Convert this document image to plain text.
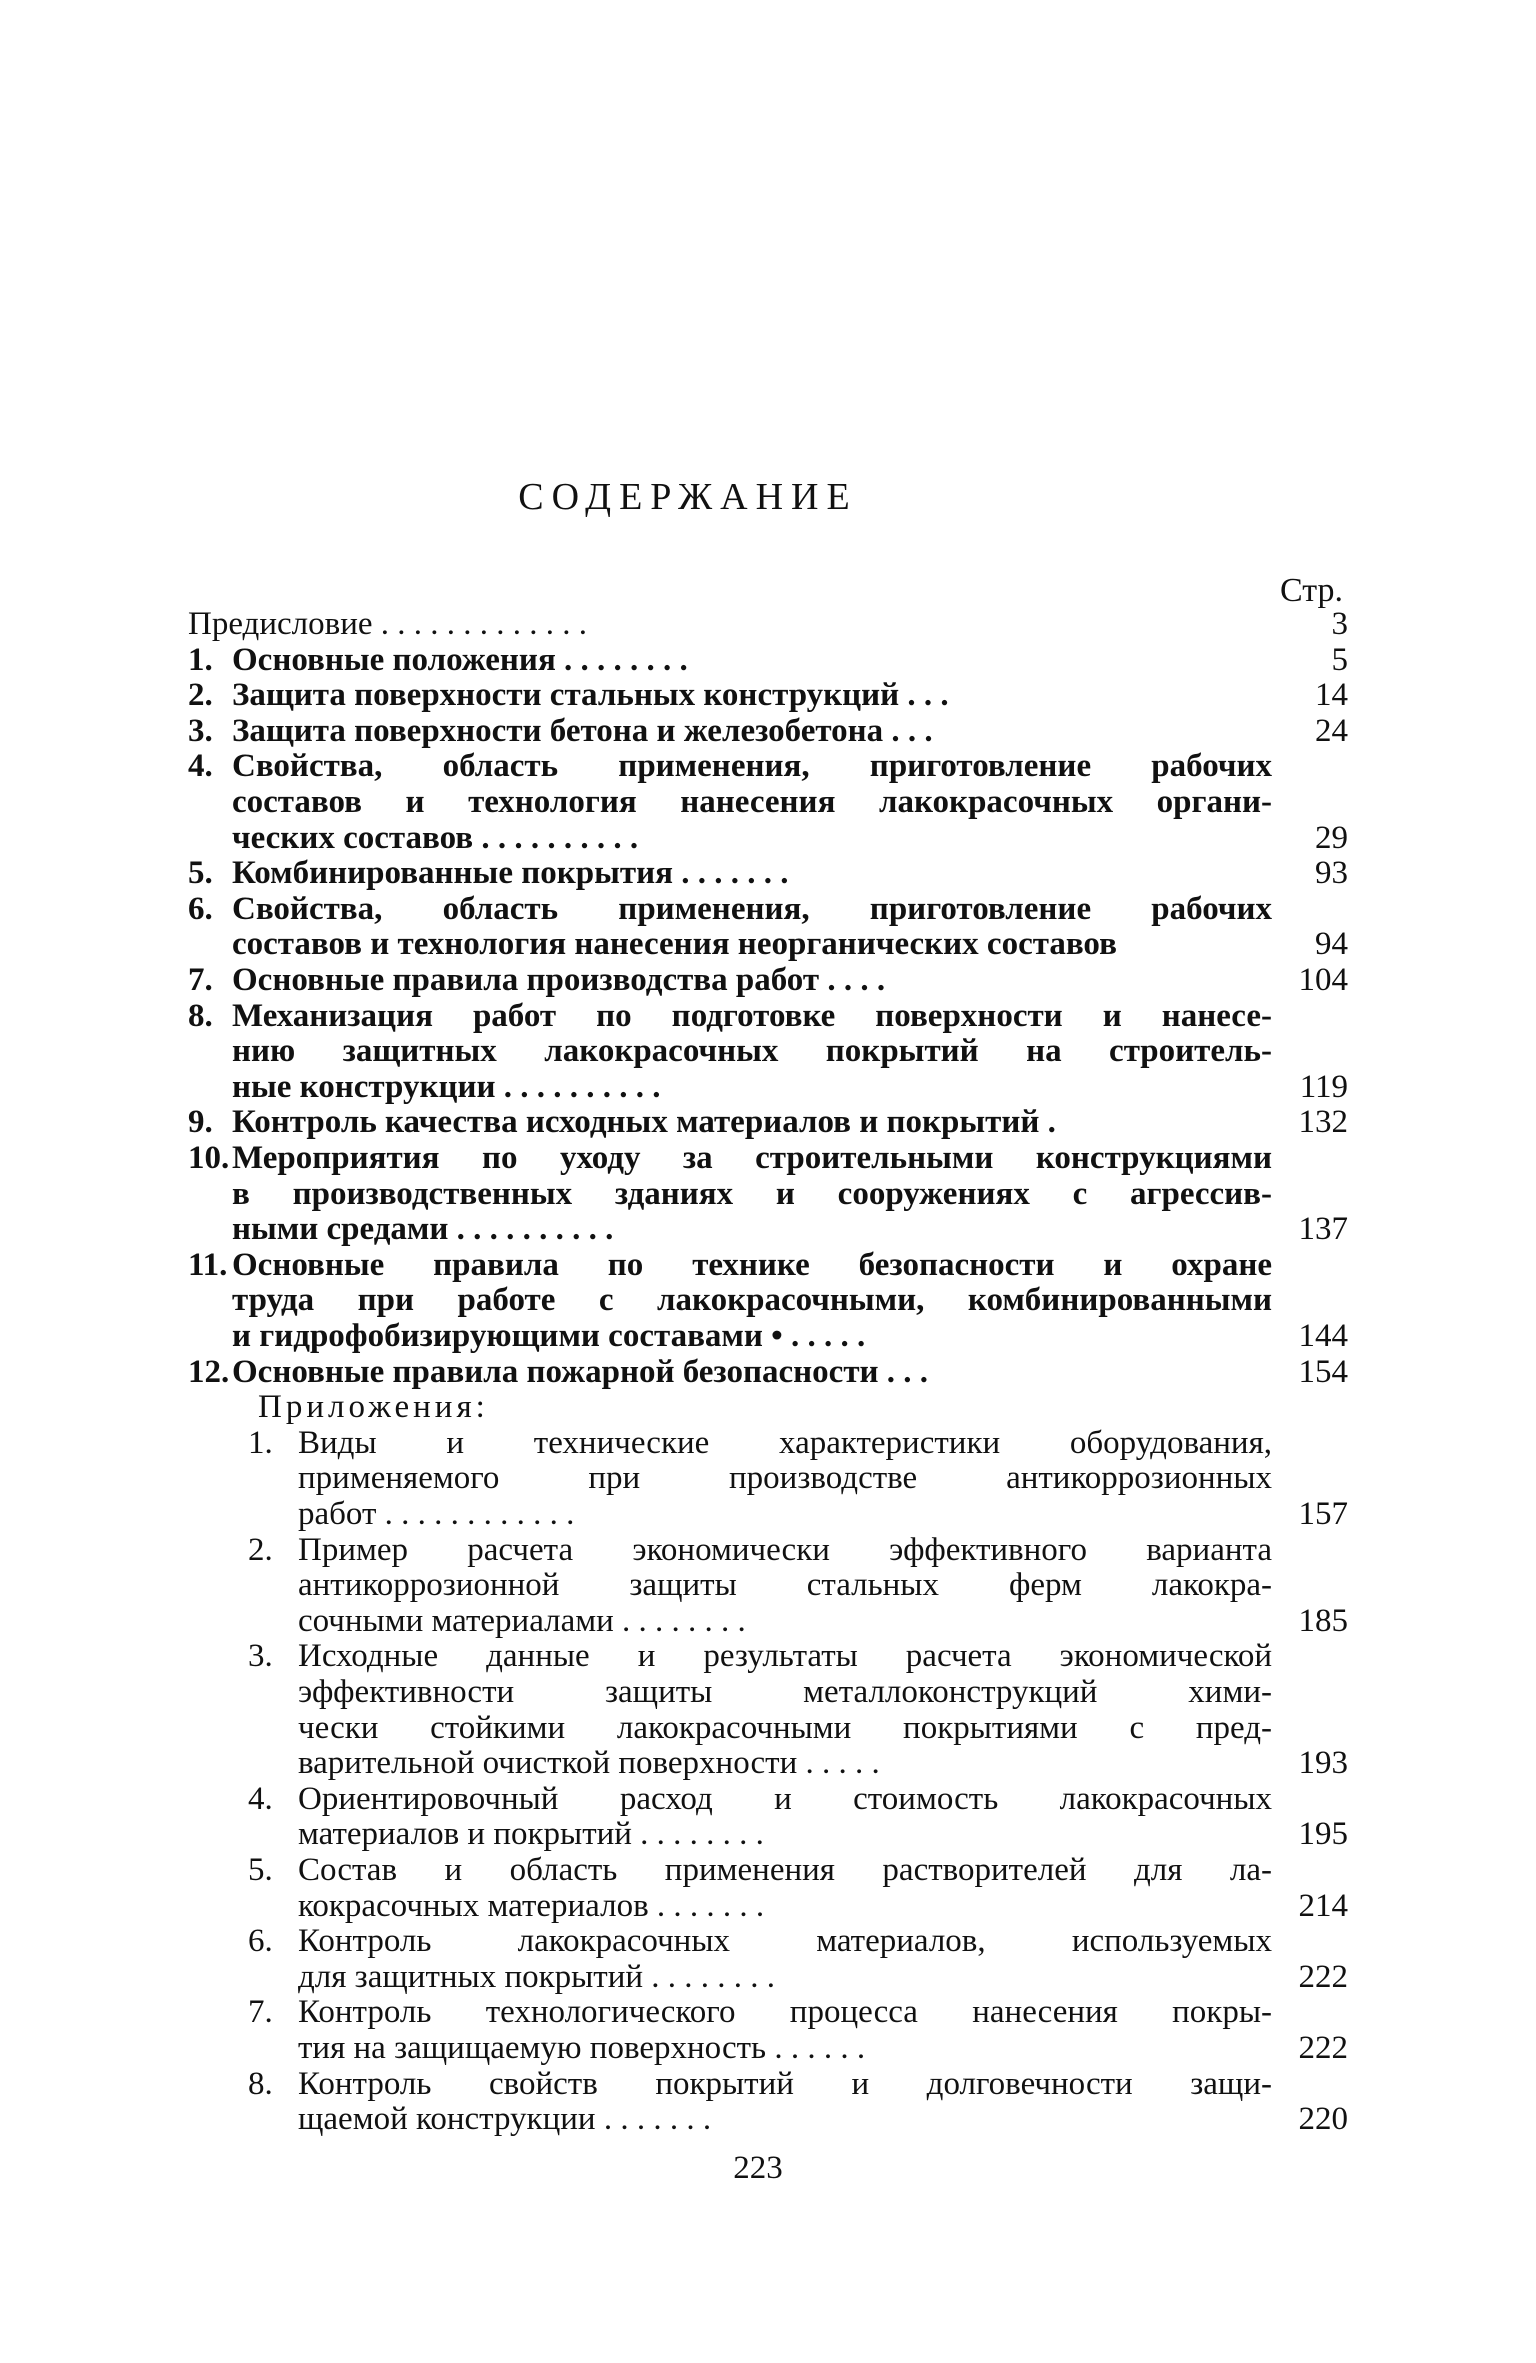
СОДЕРЖАНИЕ
Стр.
Предисловие . . . . . . . . . . . . .	3
1. Основные положения . . . . . . . .	5
2. Защита поверхности стальных конструкций . . .	14
3. Защита поверхности бетона и железобетона . . .	24
4. Свойства, область применения, приготовление рабочих
составов и технология нанесения лакокрасочных органи-
ческих составов . . . . . . . . . .	29
5. Комбинированные покрытия . . . . . . .	93
6. Свойства, область применения, приготовление рабочих
составов и технология нанесения неорганических составов	94
7. Основные правила производства работ . . . .	104
8. Механизация работ по подготовке поверхности и нанесе-
нию защитных лакокрасочных покрытий на строитель-
ные конструкции . . . . . . . . . .	119
9. Контроль качества исходных материалов и покрытий .	132
10. Мероприятия по уходу за строительными конструкциями
в производственных зданиях и сооружениях с агрессив-
ными средами . . . . . . . . . .	137
11. Основные правила по технике безопасности и охране
труда при работе с лакокрасочными, комбинированными
и гидрофобизирующими составами • . . . . .	144
12. Основные правила пожарной безопасности . . .	154
Приложения:
1. Виды и технические характеристики оборудования,
применяемого при производстве антикоррозионных
работ . . . . . . . . . . . .	157
2. Пример расчета экономически эффективного варианта
антикоррозионной защиты стальных ферм лакокра-
сочными материалами . . . . . . . .	185
3. Исходные данные и результаты расчета экономической
эффективности защиты металлоконструкций хими-
чески стойкими лакокрасочными покрытиями с пред-
варительной очисткой поверхности . . . . .	193
4. Ориентировочный расход и стоимость лакокрасочных
материалов и покрытий . . . . . . . .	195
5. Состав и область применения растворителей для ла-
кокрасочных материалов . . . . . . .	214
6. Контроль лакокрасочных материалов, используемых
для защитных покрытий . . . . . . . .	222
7. Контроль технологического процесса нанесения покры-
тия на защищаемую поверхность . . . . . .	222
8. Контроль свойств покрытий и долговечности защи-
щаемой конструкции . . . . . . .	220
223
